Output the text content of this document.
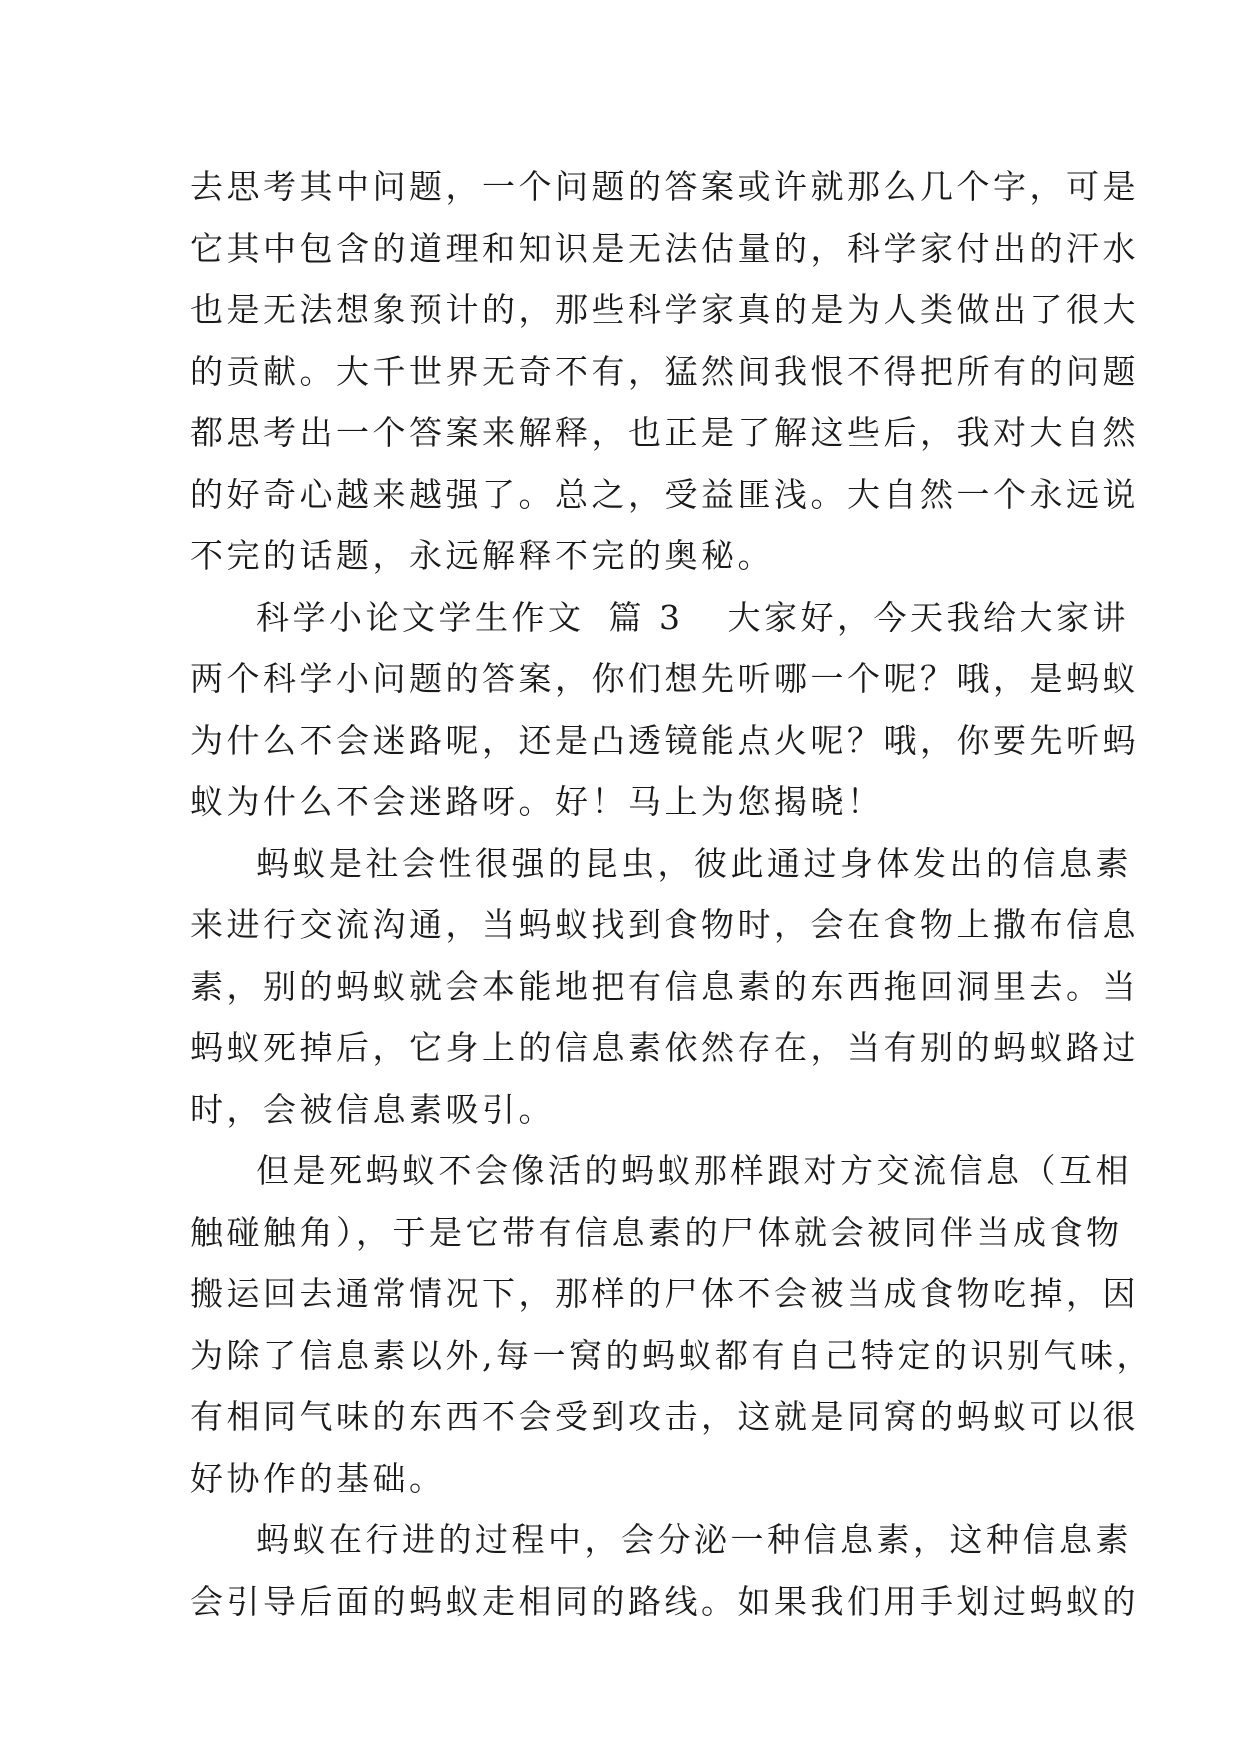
去思考其中问题，一个问题的答案或许就那么几个字，可是
它其中包含的道理和知识是无法估量的，科学家付出的汗水
也是无法想象预计的，那些科学家真的是为人类做出了很大
的贡献。大千世界无奇不有，猛然间我恨不得把所有的问题
都思考出一个答案来解释，也正是了解这些后，我对大自然
的好奇心越来越强了。总之，受益匪浅。大自然一个永远说
不完的话题，永远解释不完的奥秘。
科学小论文学生作文 篇 3 大家好，今天我给大家讲
两个科学小问题的答案，你们想先听哪一个呢？哦，是蚂蚁
为什么不会迷路呢，还是凸透镜能点火呢？哦，你要先听蚂
蚁为什么不会迷路呀。好！马上为您揭晓！
蚂蚁是社会性很强的昆虫，彼此通过身体发出的信息素
来进行交流沟通，当蚂蚁找到食物时，会在食物上撒布信息
素，别的蚂蚁就会本能地把有信息素的东西拖回洞里去。当
蚂蚁死掉后，它身上的信息素依然存在，当有别的蚂蚁路过
时，会被信息素吸引。
但是死蚂蚁不会像活的蚂蚁那样跟对方交流信息（互相
触碰触角），于是它带有信息素的尸体就会被同伴当成食物
搬运回去通常情况下，那样的尸体不会被当成食物吃掉，因
为除了信息素以外,每一窝的蚂蚁都有自己特定的识别气味，
有相同气味的东西不会受到攻击，这就是同窝的蚂蚁可以很
好协作的基础。
蚂蚁在行进的过程中，会分泌一种信息素，这种信息素
会引导后面的蚂蚁走相同的路线。如果我们用手划过蚂蚁的
